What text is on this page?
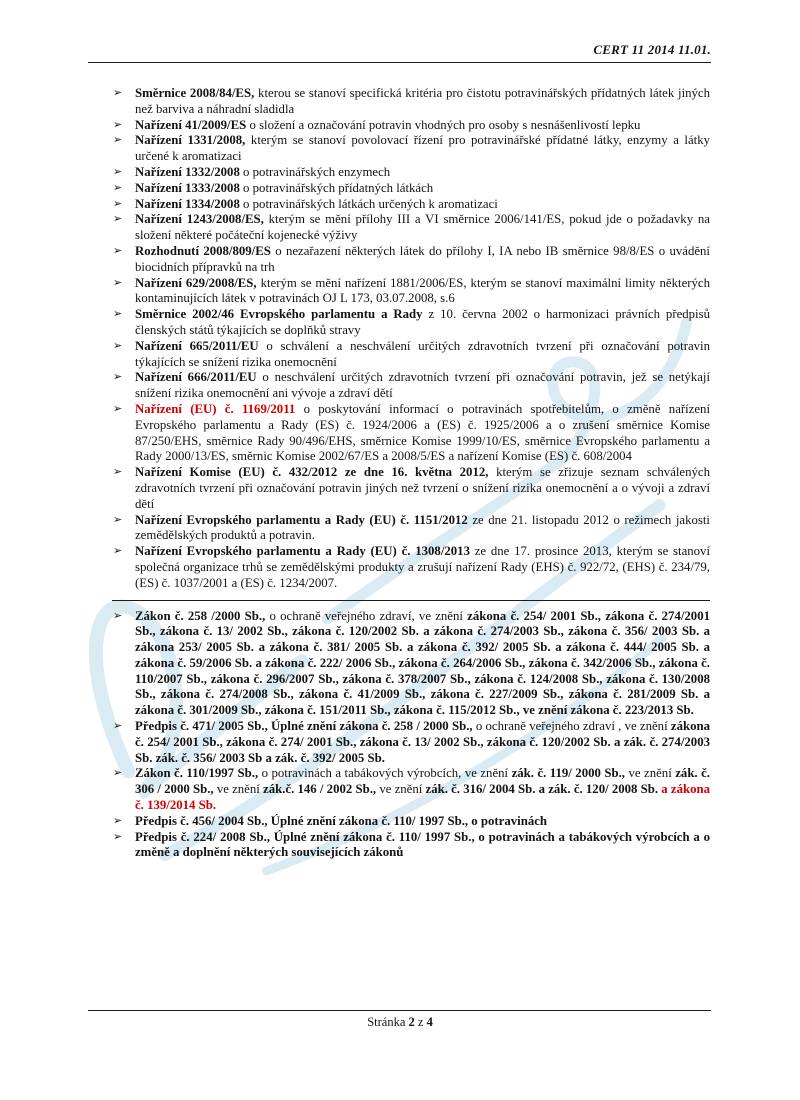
CERT 11 2014 11.01.
➢ Směrnice 2008/84/ES, kterou se stanoví specifická kritéria pro čistotu potravinářských přídatných látek jiných než barviva a náhradní sladidla
➢ Nařízení 41/2009/ES o složení a označování potravin vhodných pro osoby s nesnášenlivostí lepku
➢ Nařízení 1331/2008, kterým se stanoví povolovací řízení pro potravinářské přídatné látky, enzymy a látky určené k aromatizaci
➢ Nařízení 1332/2008 o potravinářských enzymech
➢ Nařízení 1333/2008 o potravinářských přídatných látkách
➢ Nařízení 1334/2008 o potravinářských látkách určených k aromatizaci
➢ Nařízení 1243/2008/ES, kterým se mění přílohy III a VI směrnice 2006/141/ES, pokud jde o požadavky na složení některé počáteční kojenecké výživy
➢ Rozhodnutí 2008/809/ES o nezařazení některých látek do přílohy I, IA nebo IB směrnice 98/8/ES o uvádění biocidních přípravků na trh
➢ Nařízení 629/2008/ES, kterým se mění nařízení 1881/2006/ES, kterým se stanoví maximální limity některých kontaminujících látek v potravinách OJ L 173, 03.07.2008, s.6
➢ Směrnice 2002/46 Evropského parlamentu a Rady z 10. června 2002 o harmonizaci právních předpisů členských států týkajících se doplňků stravy
➢ Nařízení 665/2011/EU o schválení a neschválení určitých zdravotních tvrzení při označování potravin týkajících se snížení rizika onemocnění
➢ Nařízení 666/2011/EU o neschválení určitých zdravotních tvrzení při označování potravin, jež se netýkají snížení rizika onemocnění ani vývoje a zdraví dětí
➢ Nařízení (EU) č. 1169/2011 o poskytování informací o potravinách spotřebitelům, o změně nařízení Evropského parlamentu a Rady (ES) č. 1924/2006 a (ES) č. 1925/2006 a o zrušení směrnice Komise 87/250/EHS, směrnice Rady 90/496/EHS, směrnice Komise 1999/10/ES, směrnice Evropského parlamentu a Rady 2000/13/ES, směrnic Komise 2002/67/ES a 2008/5/ES a nařízení Komise (ES) č. 608/2004
➢ Nařízení Komise (EU) č. 432/2012 ze dne 16. května 2012, kterým se zřizuje seznam schválených zdravotních tvrzení při označování potravin jiných než tvrzení o snížení rizika onemocnění a o vývoji a zdraví dětí
➢ Nařízení Evropského parlamentu a Rady (EU) č. 1151/2012 ze dne 21. listopadu 2012 o režimech jakosti zemědělských produktů a potravin.
➢ Nařízení Evropského parlamentu a Rady (EU) č. 1308/2013 ze dne 17. prosince 2013, kterým se stanoví společná organizace trhů se zemědělskými produkty a zrušují nařízení Rady (EHS) č. 922/72, (EHS) č. 234/79, (ES) č. 1037/2001 a (ES) č. 1234/2007.
➢ Zákon č. 258 /2000 Sb., o ochraně veřejného zdraví, ve znění zákona č. 254/ 2001 Sb., zákona č. 274/2001 Sb., zákona č. 13/ 2002 Sb., zákona č. 120/2002 Sb. a zákona č. 274/2003 Sb., zákona č. 356/ 2003 Sb. a zákona 253/ 2005 Sb. a zákona č. 381/ 2005 Sb. a zákona č. 392/ 2005 Sb. a zákona č. 444/ 2005 Sb. a zákona č. 59/2006 Sb. a zákona č. 222/ 2006 Sb., zákona č. 264/2006 Sb., zákona č. 342/2006 Sb., zákona č. 110/2007 Sb., zákona č. 296/2007 Sb., zákona č. 378/2007 Sb., zákona č. 124/2008 Sb., zákona č. 130/2008 Sb., zákona č. 274/2008 Sb., zákona č. 41/2009 Sb., zákona č. 227/2009 Sb., zákona č. 281/2009 Sb. a zákona č. 301/2009 Sb., zákona č. 151/2011 Sb., zákona č. 115/2012 Sb., ve znění zákona č. 223/2013 Sb.
➢ Předpis č. 471/ 2005 Sb., Úplné znění zákona č. 258 / 2000 Sb., o ochraně veřejného zdraví , ve znění zákona č. 254/ 2001 Sb., zákona č. 274/ 2001 Sb., zákona č. 13/ 2002 Sb., zákona č. 120/2002 Sb. a zák. č. 274/2003 Sb. zák. č. 356/ 2003 Sb a zák. č. 392/ 2005 Sb.
➢ Zákon č. 110/1997 Sb., o potravinách a tabákových výrobcích, ve znění zák. č. 119/ 2000 Sb., ve znění zák. č. 306 / 2000 Sb., ve znění zák.č. 146 / 2002 Sb., ve znění zák. č. 316/ 2004 Sb. a zák. č. 120/ 2008 Sb. a zákona č. 139/2014 Sb.
➢ Předpis č. 456/ 2004 Sb., Úplné znění zákona č. 110/ 1997 Sb., o potravinách
➢ Předpis č. 224/ 2008 Sb., Úplné znění zákona č. 110/ 1997 Sb., o potravinách a tabákových výrobcích a o změně a doplnění některých souvisejících zákonů
Stránka 2 z 4
